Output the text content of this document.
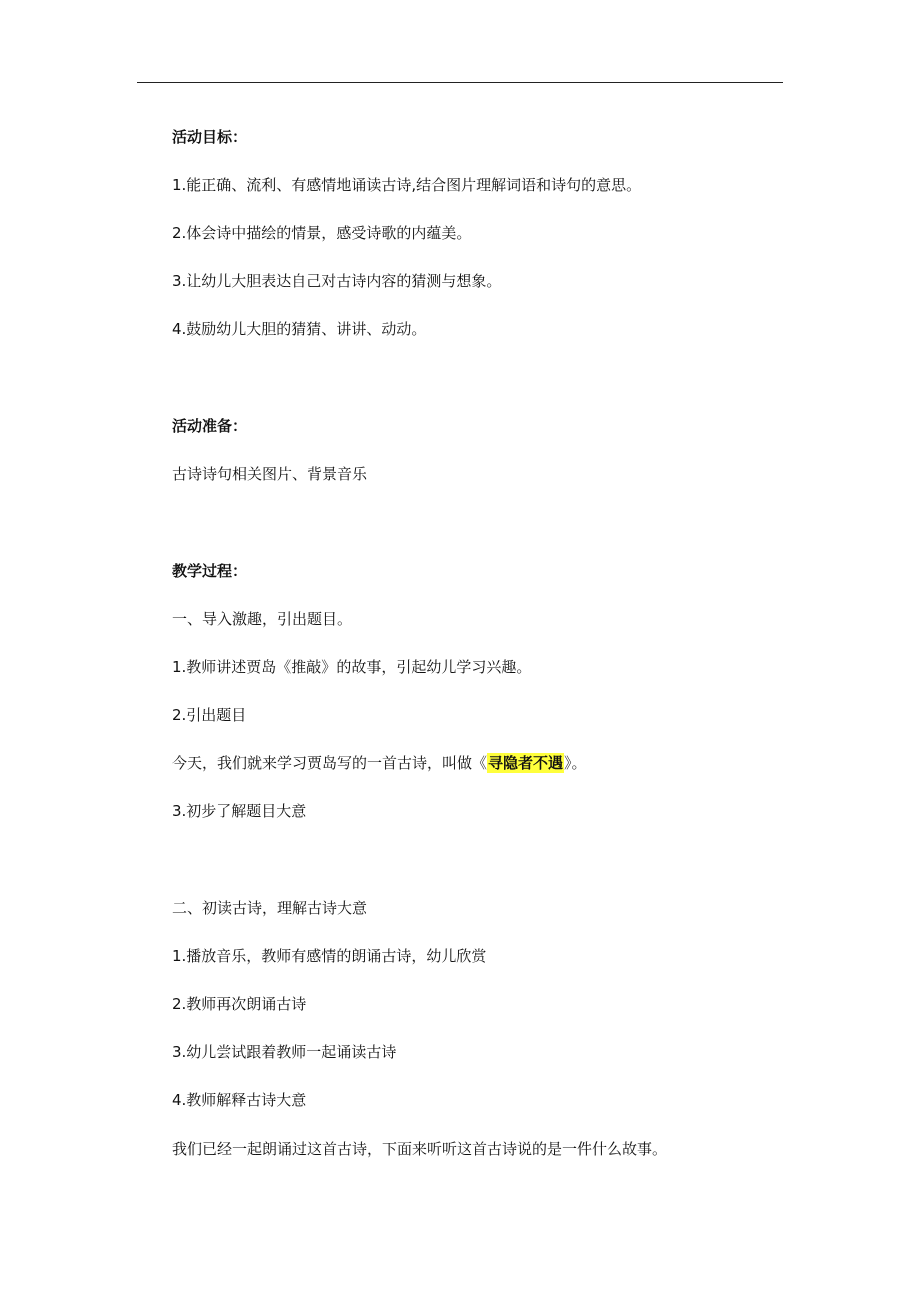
活动目标：
1.能正确、流利、有感情地诵读古诗,结合图片理解词语和诗句的意思。
2.体会诗中描绘的情景，感受诗歌的内蕴美。
3.让幼儿大胆表达自己对古诗内容的猜测与想象。
4.鼓励幼儿大胆的猜猜、讲讲、动动。
活动准备：
古诗诗句相关图片、背景音乐
教学过程：
一、导入激趣，引出题目。
1.教师讲述贾岛《推敲》的故事，引起幼儿学习兴趣。
2.引出题目
今天，我们就来学习贾岛写的一首古诗，叫做《寻隐者不遇》。
3.初步了解题目大意
二、初读古诗，理解古诗大意
1.播放音乐，教师有感情的朗诵古诗，幼儿欣赏
2.教师再次朗诵古诗
3.幼儿尝试跟着教师一起诵读古诗
4.教师解释古诗大意
我们已经一起朗诵过这首古诗，下面来听听这首古诗说的是一件什么故事。
